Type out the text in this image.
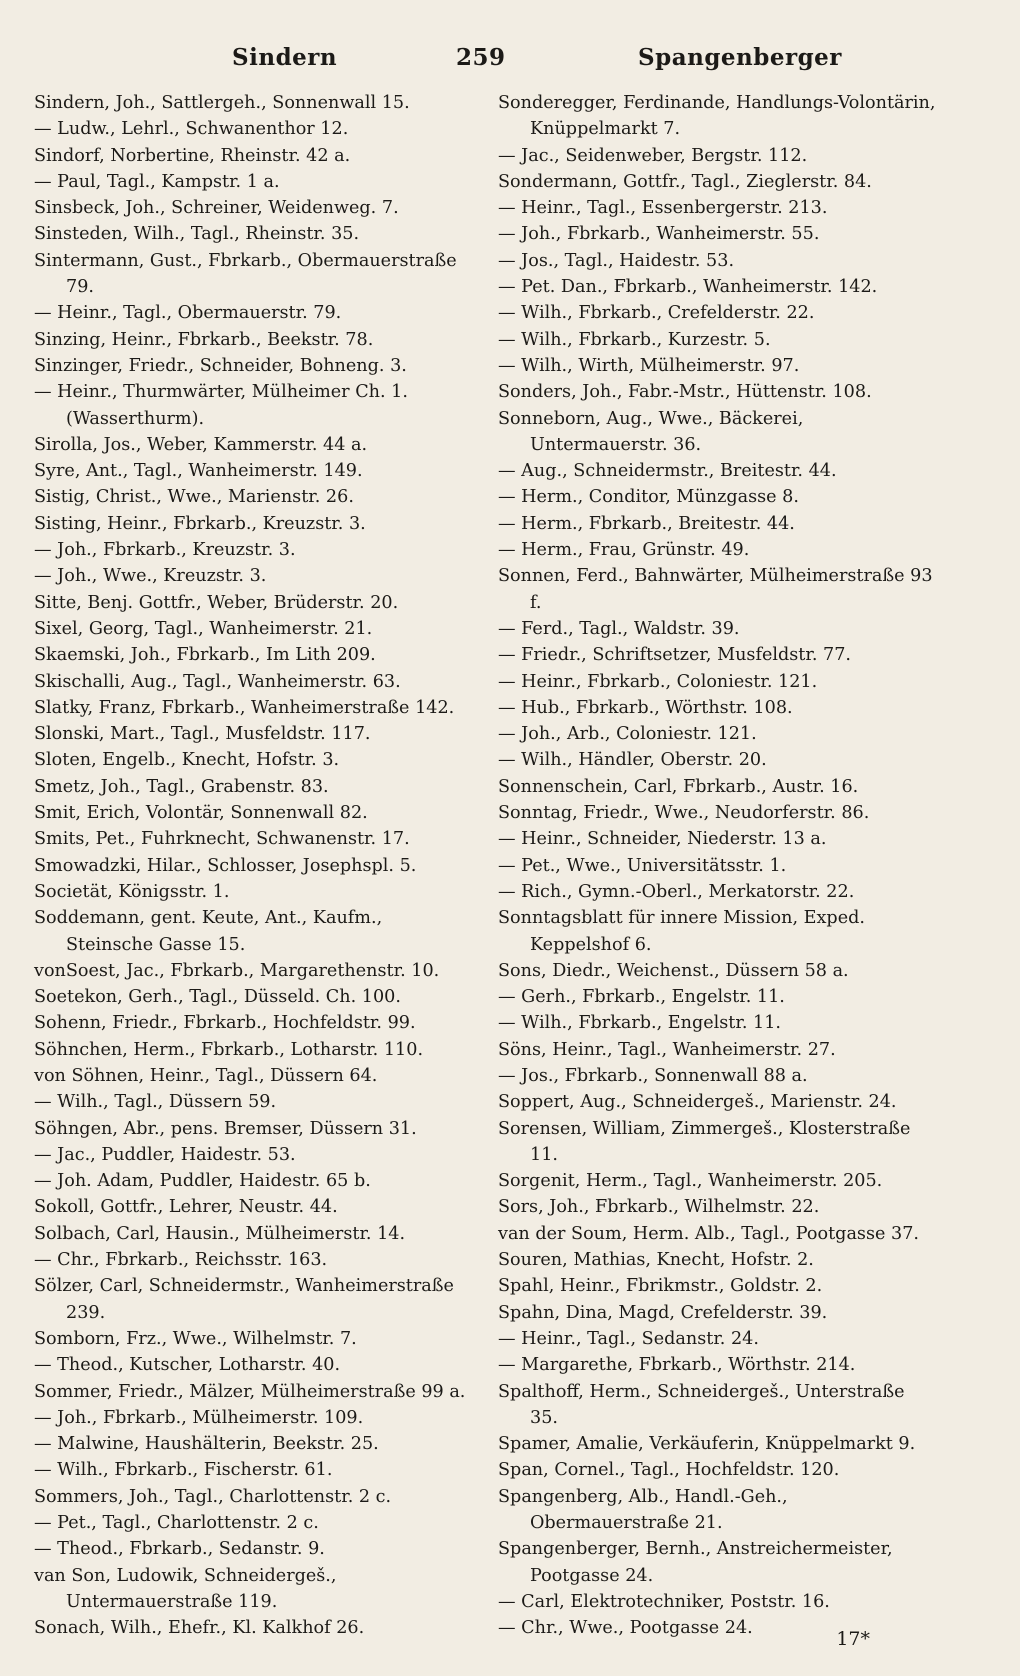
Sindern	259	Spangenberger
Sindern, Joh., Sattlergeh., Sonnenwall 15.
— Ludw., Lehrl., Schwanenthor 12.
Sindorf, Norbertine, Rheinstr. 42 a.
— Paul, Tagl., Kampstr. 1 a.
Sinsbeck, Joh., Schreiner, Weidenweg. 7.
Sinsteden, Wilh., Tagl., Rheinstr. 35.
Sintermann, Gust., Fbrkarb., Obermauerstraße 79.
— Heinr., Tagl., Obermauerstr. 79.
Sinzing, Heinr., Fbrkarb., Beekstr. 78.
Sinzinger, Friedr., Schneider, Bohneng. 3.
— Heinr., Thurmwärter, Mülheimer Ch. 1. (Wasserthurm).
Sirolla, Jos., Weber, Kammerstr. 44 a.
Syre, Ant., Tagl., Wanheimerstr. 149.
Sistig, Christ., Wwe., Marienstr. 26.
Sisting, Heinr., Fbrkarb., Kreuzstr. 3.
— Joh., Fbrkarb., Kreuzstr. 3.
— Joh., Wwe., Kreuzstr. 3.
Sitte, Benj. Gottfr., Weber, Brüderstr. 20.
Sixel, Georg, Tagl., Wanheimerstr. 21.
Skaemski, Joh., Fbrkarb., Im Lith 209.
Skischalli, Aug., Tagl., Wanheimerstr. 63.
Slatky, Franz, Fbrkarb., Wanheimerstraße 142.
Slonski, Mart., Tagl., Musfeldstr. 117.
Sloten, Engelb., Knecht, Hofstr. 3.
Smetz, Joh., Tagl., Grabenstr. 83.
Smit, Erich, Volontär, Sonnenwall 82.
Smits, Pet., Fuhrknecht, Schwanenstr. 17.
Smowadzki, Hilar., Schlosser, Josephspl. 5.
Societät, Königsstr. 1.
Soddemann, gent. Keute, Ant., Kaufm., Steinsche Gasse 15.
vonSoest, Jac., Fbrkarb., Margarethenstr. 10.
Soetekon, Gerh., Tagl., Düsseld. Ch. 100.
Sohenn, Friedr., Fbrkarb., Hochfeldstr. 99.
Söhnchen, Herm., Fbrkarb., Lotharstr. 110.
von Söhnen, Heinr., Tagl., Düssern 64.
— Wilh., Tagl., Düssern 59.
Söhngen, Abr., pens. Bremser, Düssern 31.
— Jac., Puddler, Haidestr. 53.
— Joh. Adam, Puddler, Haidestr. 65 b.
Sokoll, Gottfr., Lehrer, Neustr. 44.
Solbach, Carl, Hausin., Mülheimerstr. 14.
— Chr., Fbrkarb., Reichsstr. 163.
Sölzer, Carl, Schneidermstr., Wanheimerstraße 239.
Somborn, Frz., Wwe., Wilhelmstr. 7.
— Theod., Kutscher, Lotharstr. 40.
Sommer, Friedr., Mälzer, Mülheimerstraße 99 a.
— Joh., Fbrkarb., Mülheimerstr. 109.
— Malwine, Haushälterin, Beekstr. 25.
— Wilh., Fbrkarb., Fischerstr. 61.
Sommers, Joh., Tagl., Charlottenstr. 2 c.
— Pet., Tagl., Charlottenstr. 2 c.
— Theod., Fbrkarb., Sedanstr. 9.
van Son, Ludowik, Schneidergeš., Untermauerstraße 119.
Sonach, Wilh., Ehefr., Kl. Kalkhof 26.
Sonderegger, Ferdinande, Handlungs-Volontärin, Knüppelmarkt 7.
— Jac., Seidenweber, Bergstr. 112.
Sondermann, Gottfr., Tagl., Zieglerstr. 84.
— Heinr., Tagl., Essenbergerstr. 213.
— Joh., Fbrkarb., Wanheimerstr. 55.
— Jos., Tagl., Haidestr. 53.
— Pet. Dan., Fbrkarb., Wanheimerstr. 142.
— Wilh., Fbrkarb., Crefelderstr. 22.
— Wilh., Fbrkarb., Kurzestr. 5.
— Wilh., Wirth, Mülheimerstr. 97.
Sonders, Joh., Fabr.-Mstr., Hüttenstr. 108.
Sonneborn, Aug., Wwe., Bäckerei, Untermauerstr. 36.
— Aug., Schneidermstr., Breitestr. 44.
— Herm., Conditor, Münzgasse 8.
— Herm., Fbrkarb., Breitestr. 44.
— Herm., Frau, Grünstr. 49.
Sonnen, Ferd., Bahnwärter, Mülheimerstraße 93 f.
— Ferd., Tagl., Waldstr. 39.
— Friedr., Schriftsetzer, Musfeldstr. 77.
— Heinr., Fbrkarb., Coloniestr. 121.
— Hub., Fbrkarb., Wörthstr. 108.
— Joh., Arb., Coloniestr. 121.
— Wilh., Händler, Oberstr. 20.
Sonnenschein, Carl, Fbrkarb., Austr. 16.
Sonntag, Friedr., Wwe., Neudorferstr. 86.
— Heinr., Schneider, Niederstr. 13 a.
— Pet., Wwe., Universitätsstr. 1.
— Rich., Gymn.-Oberl., Merkatorstr. 22.
Sonntagsblatt für innere Mission, Exped. Keppelshof 6.
Sons, Diedr., Weichenst., Düssern 58 a.
— Gerh., Fbrkarb., Engelstr. 11.
— Wilh., Fbrkarb., Engelstr. 11.
Söns, Heinr., Tagl., Wanheimerstr. 27.
— Jos., Fbrkarb., Sonnenwall 88 a.
Soppert, Aug., Schneidergeš., Marienstr. 24.
Sorensen, William, Zimmergeš., Klosterstraße 11.
Sorgenit, Herm., Tagl., Wanheimerstr. 205.
Sors, Joh., Fbrkarb., Wilhelmstr. 22.
van der Soum, Herm. Alb., Tagl., Pootgasse 37.
Souren, Mathias, Knecht, Hofstr. 2.
Spahl, Heinr., Fbrikmstr., Goldstr. 2.
Spahn, Dina, Magd, Crefelderstr. 39.
— Heinr., Tagl., Sedanstr. 24.
— Margarethe, Fbrkarb., Wörthstr. 214.
Spalthoff, Herm., Schneidergeš., Unterstraße 35.
Spamer, Amalie, Verkäuferin, Knüppelmarkt 9.
Span, Cornel., Tagl., Hochfeldstr. 120.
Spangenberg, Alb., Handl.-Geh., Obermauerstraße 21.
Spangenberger, Bernh., Anstreichermeister, Pootgasse 24.
— Carl, Elektrotechniker, Poststr. 16.
— Chr., Wwe., Pootgasse 24.	17*
